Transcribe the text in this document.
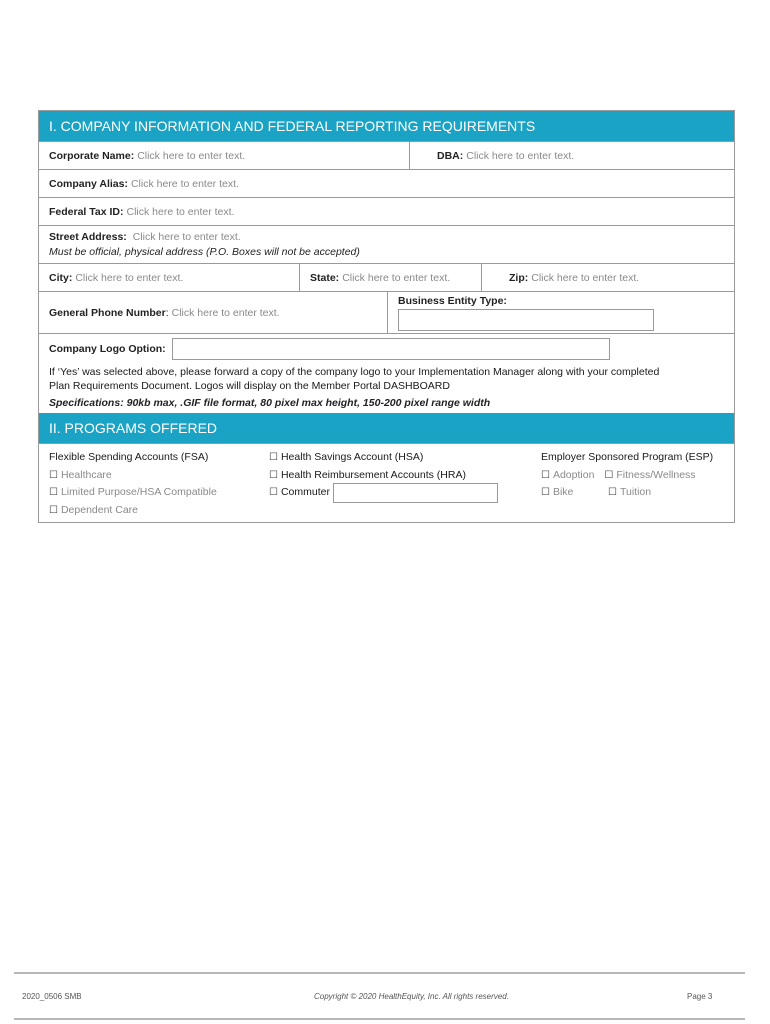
I. COMPANY INFORMATION AND FEDERAL REPORTING REQUIREMENTS
Corporate Name: Click here to enter text.	DBA: Click here to enter text.
Company Alias: Click here to enter text.
Federal Tax ID: Click here to enter text.
Street Address: Click here to enter text.
Must be official, physical address (P.O. Boxes will not be accepted)
City: Click here to enter text.	State: Click here to enter text.	Zip: Click here to enter text.
General Phone Number : Click here to enter text.
Business Entity Type:
Company Logo Option:
If ‘Yes’ was selected above, please forward a copy of the company logo to your Implementation Manager along with your completed
Plan Requirements Document. Logos will display on the Member Portal DASHBOARD
Specifications: 90kb max, .GIF file format, 80 pixel max height, 150-200 pixel range width
II. PROGRAMS OFFERED
Flexible Spending Accounts (FSA)
☐ Healthcare
☐ Limited Purpose/HSA Compatible
☐ Dependent Care
☐ Health Savings Account (HSA)
☐ Health Reimbursement Accounts (HRA)
☐ Commuter
Employer Sponsored Program (ESP)
☐ Adoption ☐ Fitness/Wellness
☐ Bike	☐ Tuition
2020_0506 SMB	Copyright © 2020 HealthEquity, Inc. All rights reserved.	Page 3
